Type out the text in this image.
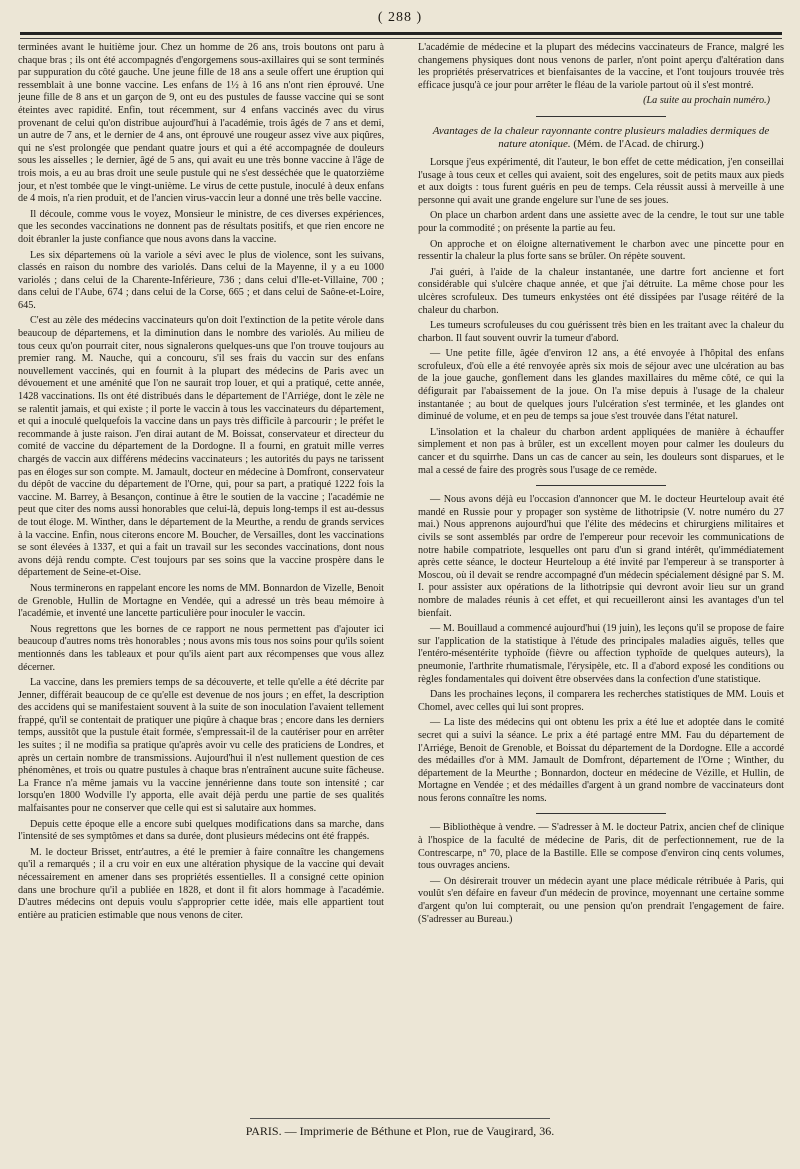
( 288 )

terminées avant le huitième jour. Chez un homme de 26 ans, trois boutons ont paru à chaque bras ; ils ont été accompagnés d'engorgemens sous-axillaires qui se sont terminés par suppuration du côté gauche. Une jeune fille de 18 ans a seule offert une éruption qui ressemblait à une bonne vaccine. Les enfans de 1½ à 16 ans n'ont rien éprouvé. Une jeune fille de 8 ans et un garçon de 9, ont eu des pustules de fausse vaccine qui se sont éteintes avec rapidité. Enfin, tout récemment, sur 4 enfans vaccinés avec du virus provenant de celui qu'on distribue aujourd'hui à l'académie, trois âgés de 7 ans et demi, un autre de 7 ans, et le dernier de 4 ans, ont éprouvé une rougeur assez vive aux piqûres, qui ne s'est prolongée que pendant quatre jours et qui a été accompagnée de douleurs sous les aisselles ; le dernier, âgé de 5 ans, qui avait eu une très bonne vaccine à l'âge de trois mois, a eu au bras droit une seule pustule qui ne s'est desséchée que le quatorzième jour, et n'est tombée que le vingt-unième. Le virus de cette pustule, inoculé à deux enfans de 4 mois, n'a rien produit, et de l'ancien virus-vaccin leur a donné une très belle vaccine.

Il découle, comme vous le voyez, Monsieur le ministre, de ces diverses expériences, que les secondes vaccinations ne donnent pas de résultats positifs, et que rien encore ne doit ébranler la juste confiance que nous avons dans la vaccine.

Les six départemens où la variole a sévi avec le plus de violence, sont les suivans, classés en raison du nombre des variolés. Dans celui de la Mayenne, il y a eu 1000 variolés ; dans celui de la Charente-Inférieure, 736 ; dans celui d'Ile-et-Villaine, 700 ; dans celui de l'Aube, 674 ; dans celui de la Corse, 665 ; et dans celui de Saône-et-Loire, 645.

C'est au zèle des médecins vaccinateurs qu'on doit l'extinction de la petite vérole dans beaucoup de départemens, et la diminution dans le nombre des variolés. Au milieu de tous ceux qu'on pourrait citer, nous signalerons quelques-uns que l'on trouve toujours au premier rang. M. Nauche, qui a concouru, s'il ses frais du vaccin sur des enfans nouvellement vaccinés, qui en fournit à la plupart des médecins de Paris avec un dévouement et une aménité que l'on ne saurait trop louer, et qui a pratiqué, cette année, 1428 vaccinations. Ils ont été distribués dans le département de l'Arriége, dont le zèle ne se ralentit jamais, et qui existe ; il porte le vaccin à tous les vaccinateurs du département, et qui a inoculé quelquefois la vaccine dans un pays très difficile à parcourir ; le préfet le recommande à juste raison. J'en dirai autant de M. Boissat, conservateur et directeur du comité de vaccine du département de la Dordogne. Il a fourni, en gratuit mille verres chargés de vaccin aux différens médecins vaccinateurs ; les autorités du pays ne tarissent pas en éloges sur son compte. M. Jamault, docteur en médecine à Domfront, conservateur du dépôt de vaccine du département de l'Orne, qui, pour sa part, a pratiqué 1222 fois la vaccine. M. Barrey, à Besançon, continue à être le soutien de la vaccine ; l'académie ne peut que citer des noms aussi honorables que celui-là, depuis long-temps il est au-dessus de tout éloge. M. Winther, dans le département de la Meurthe, a rendu de grands services à la vaccine. Enfin, nous citerons encore M. Boucher, de Versailles, dont les vaccinations se sont élevées à 1337, et qui a fait un travail sur les secondes vaccinations, dont nous avons déjà rendu compte. C'est toujours par ses soins que la vaccine prospère dans le département de Seine-et-Oise.

Nous terminerons en rappelant encore les noms de MM. Bonnardon de Vizelle, Benoit de Grenoble, Hullin de Mortagne en Vendée, qui a adressé un très beau mémoire à l'académie, et inventé une lancette particulière pour inoculer le vaccin.

Nous regrettons que les bornes de ce rapport ne nous permettent pas d'ajouter ici beaucoup d'autres noms très honorables ; nous avons mis tous nos soins pour qu'ils soient mentionnés dans les tableaux et pour qu'ils aient part aux récompenses que vous allez décerner.

La vaccine, dans les premiers temps de sa découverte, et telle qu'elle a été décrite par Jenner, différait beaucoup de ce qu'elle est devenue de nos jours ; en effet, la description des accidens qui se manifestaient souvent à la suite de son inoculation l'avaient tellement frappé, qu'il se contentait de pratiquer une piqûre à chaque bras ; encore dans les derniers temps, aussitôt que la pustule était formée, s'empressait-il de la cautériser pour en arrêter les suites ; il ne modifia sa pratique qu'après avoir vu celle des praticiens de Londres, et après un certain nombre de transmissions. Aujourd'hui il n'est nullement question de ces phénomènes, et trois ou quatre pustules à chaque bras n'entraînent aucune suite fâcheuse. La France n'a même jamais vu la vaccine jennérienne dans toute son intensité ; car lorsqu'en 1800 Wodville l'y apporta, elle avait déjà perdu une partie de ses qualités malfaisantes pour ne conserver que celle qui est si salutaire aux hommes.

Depuis cette époque elle a encore subi quelques modifications dans sa marche, dans l'intensité de ses symptômes et dans sa durée, dont plusieurs médecins ont été frappés.

M. le docteur Brisset, entr'autres, a été le premier à faire connaître les changemens qu'il a remarqués ; il a cru voir en eux une altération physique de la vaccine qui devait nécessairement en amener dans ses propriétés essentielles. Il a consigné cette opinion dans une brochure qu'il a publiée en 1828, et dont il fit alors hommage à l'académie. D'autres médecins ont depuis voulu s'approprier cette idée, mais elle appartient tout entière au praticien estimable que nous venons de citer.

L'académie de médecine et la plupart des médecins vaccinateurs de France, malgré les changemens physiques dont nous venons de parler, n'ont point aperçu d'altération dans les propriétés préservatrices et bienfaisantes de la vaccine, et l'ont toujours trouvée très efficace jusqu'à ce jour pour arrêter le fléau de la variole partout où il s'est montré.

(La suite au prochain numéro.)
Avantages de la chaleur rayonnante contre plusieurs maladies dermiques de nature atonique. (Mém. de l'Acad. de chirurg.)

Lorsque j'eus expérimenté, dit l'auteur, le bon effet de cette médication, j'en conseillai l'usage à tous ceux et celles qui avaient, soit des engelures, soit de petits maux aux pieds et aux doigts : tous furent guéris en peu de temps. Cela réussit aussi à merveille à une personne qui avait une grande engelure sur l'une de ses joues.

On place un charbon ardent dans une assiette avec de la cendre, le tout sur une table pour la commodité ; on présente la partie au feu.

On approche et on éloigne alternativement le charbon avec une pincette pour en ressentir la chaleur la plus forte sans se brûler. On répète souvent.

J'ai guéri, à l'aide de la chaleur instantanée, une dartre fort ancienne et fort considérable qui s'ulcère chaque année, et que j'ai détruite. La même chose pour les ulcères scrofuleux. Des tumeurs enkystées ont été dissipées par l'usage réitéré de la chaleur du charbon.

Les tumeurs scrofuleuses du cou guérissent très bien en les traitant avec la chaleur du charbon. Il faut souvent ouvrir la tumeur d'abord.

— Une petite fille, âgée d'environ 12 ans, a été envoyée à l'hôpital des enfans scrofuleux, d'où elle a été renvoyée après six mois de séjour avec une ulcération au bas de la joue gauche, gonflement dans les glandes maxillaires du même côté, ce qui la défigurait par l'abaissement de la joue. On l'a mise depuis à l'usage de la chaleur instantanée ; au bout de quelques jours l'ulcération s'est terminée, et les glandes ont diminué de volume, et en peu de temps sa joue s'est trouvée dans l'état naturel.

L'insolation et la chaleur du charbon ardent appliquées de manière à échauffer simplement et non pas à brûler, est un excellent moyen pour calmer les douleurs du cancer et du squirrhe. Dans un cas de cancer au sein, les douleurs sont disparues, et le mal a cessé de faire des progrès sous l'usage de ce remède.

— Nous avons déjà eu l'occasion d'annoncer que M. le docteur Heurteloup avait été mandé en Russie pour y propager son système de lithotripsie (V. notre numéro du 27 mai.) Nous apprenons aujourd'hui que l'élite des médecins et chirurgiens militaires et civils se sont assemblés par ordre de l'empereur pour recevoir les communications de notre habile compatriote, lesquelles ont paru d'un si grand intérêt, qu'immédiatement après cette séance, le docteur Heurteloup a été invité par l'empereur à se transporter à Moscou, où il devait se rendre accompagné d'un médecin spécialement désigné par S. M. I. pour assister aux opérations de la lithotripsie qui devront avoir lieu sur un grand nombre de malades réunis à cet effet, et qui recueilleront ainsi les avantages d'un tel bienfait.

— M. Bouillaud a commencé aujourd'hui (19 juin), les leçons qu'il se propose de faire sur l'application de la statistique à l'étude des principales maladies aiguës, telles que l'entéro-mésentérite typhoïde (fièvre ou affection typhoïde de quelques auteurs), la pneumonie, l'arthrite rhumatismale, l'érysipèle, etc. Il a d'abord exposé les conditions ou règles fondamentales qui doivent être observées dans la confection d'une statistique.

Dans les prochaines leçons, il comparera les recherches statistiques de MM. Louis et Chomel, avec celles qui lui sont propres.

— La liste des médecins qui ont obtenu les prix a été lue et adoptée dans le comité secret qui a suivi la séance. Le prix a été partagé entre MM. Fau du département de l'Arriége, Benoit de Grenoble, et Boissat du département de la Dordogne. Elle a accordé des médailles d'or à MM. Jamault de Domfront, département de l'Orne ; Winther, du département de la Meurthe ; Bonnardon, docteur en médecine de Vézille, et Hullin, de Mortagne en Vendée ; et des médailles d'argent à un grand nombre de vaccinateurs dont nous ferons connaître les noms.

— Bibliothèque à vendre. — S'adresser à M. le docteur Patrix, ancien chef de clinique à l'hospice de la faculté de médecine de Paris, dit de perfectionnement, rue de la Contrescarpe, n° 70, place de la Bastille. Elle se compose d'environ cinq cents volumes, tous ouvrages anciens.

— On désirerait trouver un médecin ayant une place médicale rétribuée à Paris, qui voulût s'en défaire en faveur d'un médecin de province, moyennant une certaine somme d'argent qu'on lui compterait, ou une pension qu'on prendrait l'engagement de faire. (S'adresser au Bureau.)

PARIS. — Imprimerie de Béthune et Plon, rue de Vaugirard, 36.
